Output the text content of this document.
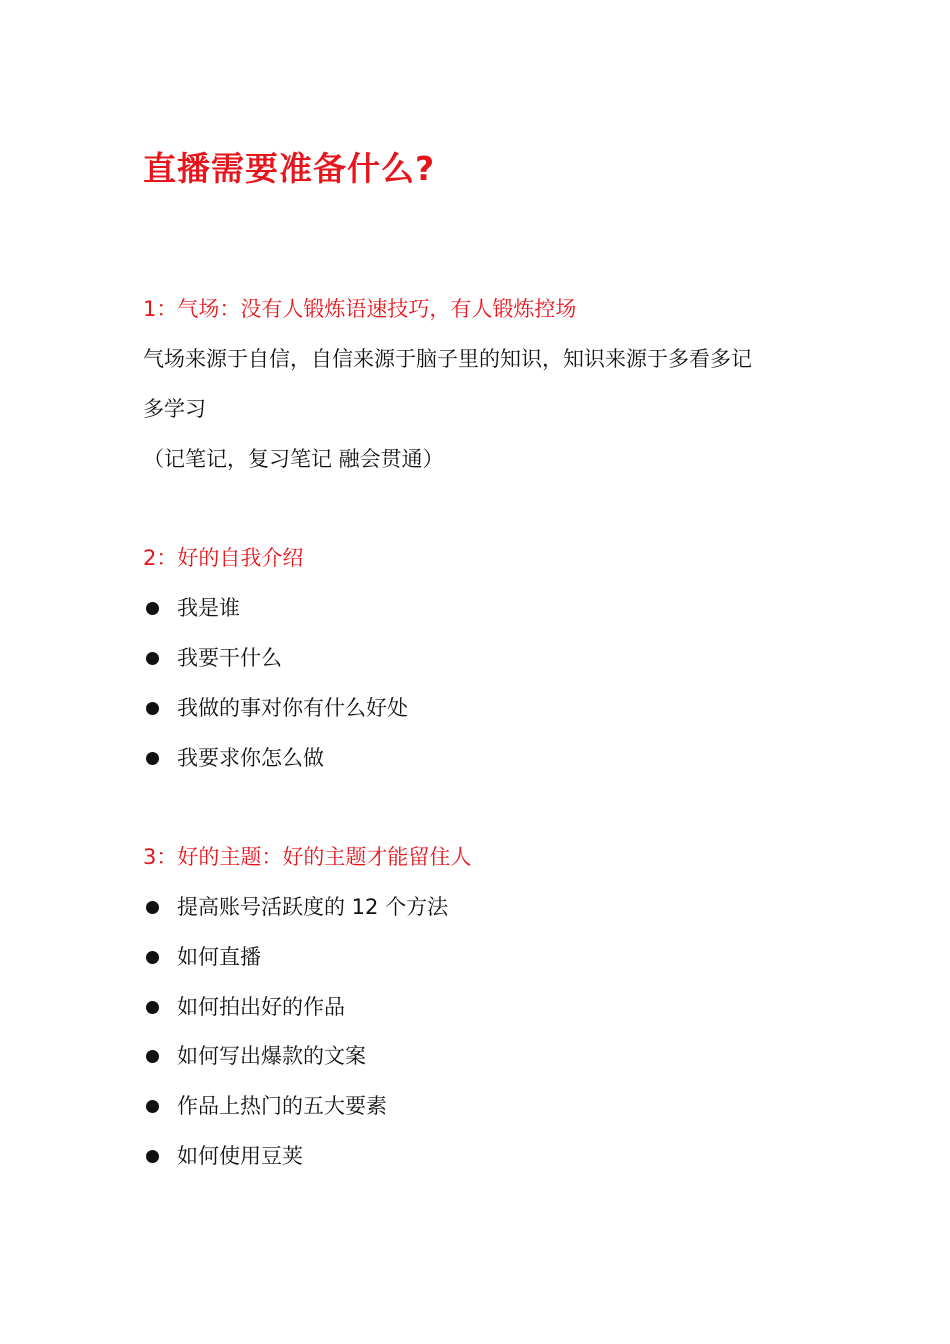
直播需要准备什么?
1：气场：没有人锻炼语速技巧，有人锻炼控场
气场来源于自信，自信来源于脑子里的知识，知识来源于多看多记
多学习
（记笔记，复习笔记 融会贯通）
2：好的自我介绍
我是谁
我要干什么
我做的事对你有什么好处
我要求你怎么做
3：好的主题：好的主题才能留住人
提高账号活跃度的 12 个方法
如何直播
如何拍出好的作品
如何写出爆款的文案
作品上热门的五大要素
如何使用豆荚
